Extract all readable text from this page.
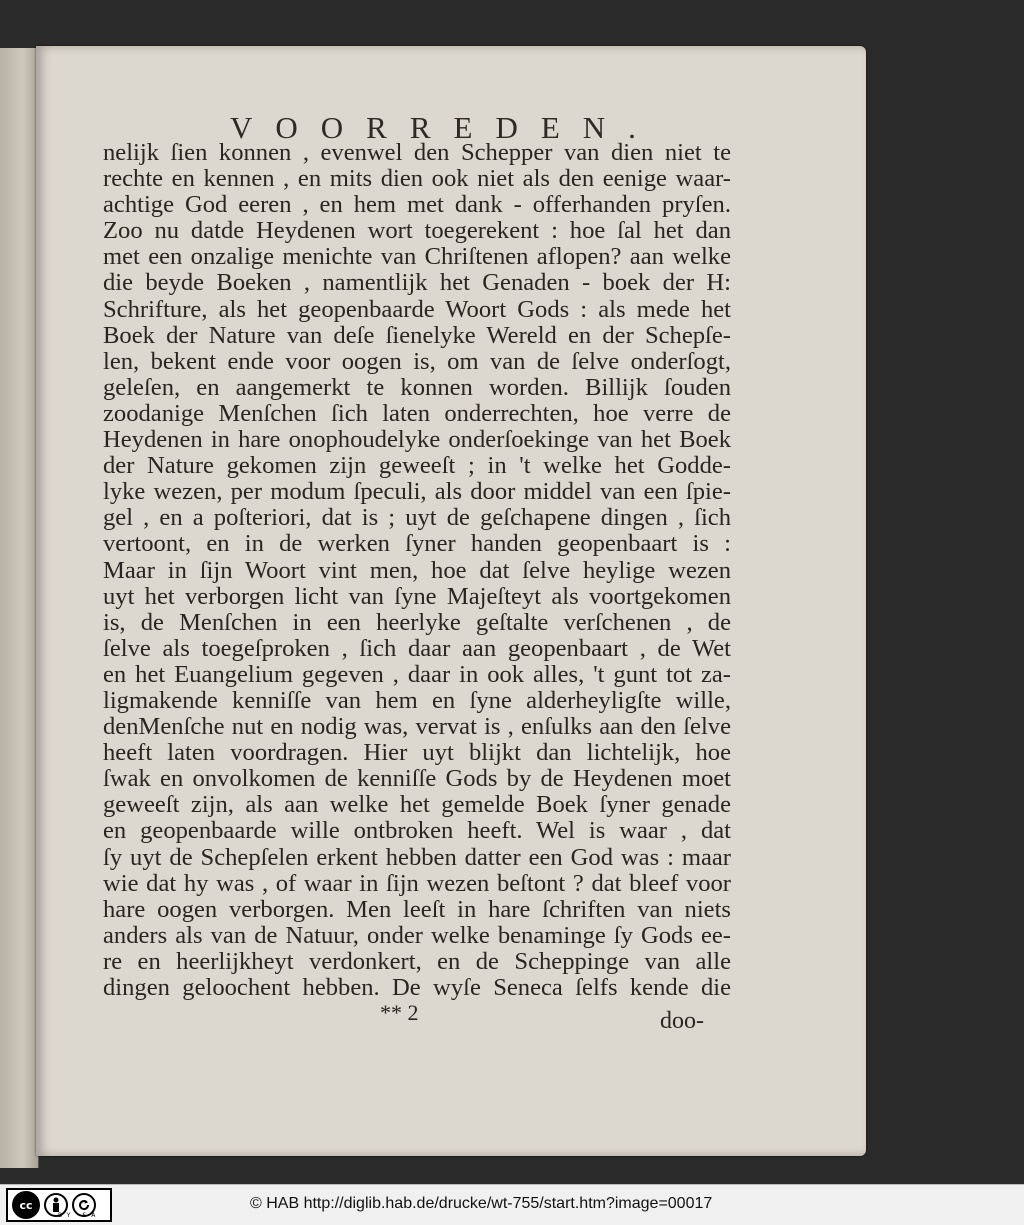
VOORREDEN.
nelijk ſien konnen , evenwel den Schepper van dien niet te
rechte en kennen , en mits dien ook niet als den eenige waar-
achtige God eeren , en hem met dank - offerhanden pryſen.
Zoo nu datde Heydenen wort toegerekent : hoe ſal het dan
met een onzalige menichte van Chriſtenen aflopen? aan welke
die beyde Boeken , namentlijk het Genaden - boek der H:
Schrifture, als het geopenbaarde Woort Gods : als mede het
Boek der Nature van deſe ſienelyke Wereld en der Schepſe-
len, bekent ende voor oogen is, om van de ſelve onderſogt,
geleſen, en aangemerkt te konnen worden. Billijk ſouden
zoodanige Menſchen ſich laten onderrechten, hoe verre de
Heydenen in hare onophoudelyke onderſoekinge van het Boek
der Nature gekomen zijn geweeſt ; in 't welke het Godde-
lyke wezen, per modum ſpeculi, als door middel van een ſpie-
gel , en a poſteriori, dat is ; uyt de geſchapene dingen , ſich
vertoont, en in de werken ſyner handen geopenbaart is :
Maar in ſijn Woort vint men, hoe dat ſelve heylige wezen
uyt het verborgen licht van ſyne Majeſteyt als voortgekomen
is, de Menſchen in een heerlyke geſtalte verſchenen , de
ſelve als toegeſproken , ſich daar aan geopenbaart , de Wet
en het Euangelium gegeven , daar in ook alles, 't gunt tot za-
ligmakende kenniſſe van hem en ſyne alderheyligſte wille,
denMenſche nut en nodig was, vervat is , enſulks aan den ſelve
heeft laten voordragen. Hier uyt blijkt dan lichtelijk, hoe
ſwak en onvolkomen de kenniſſe Gods by de Heydenen moet
geweeſt zijn, als aan welke het gemelde Boek ſyner genade
en geopenbaarde wille ontbroken heeft. Wel is waar , dat
ſy uyt de Schepſelen erkent hebben datter een God was : maar
wie dat hy was , of waar in ſijn wezen beſtont ? dat bleef voor
hare oogen verborgen. Men leeſt in hare ſchriften van niets
anders als van de Natuur, onder welke benaminge ſy Gods ee-
re en heerlijkheyt verdonkert, en de Scheppinge van alle
dingen geloochent hebben. De wyſe Seneca ſelfs kende die
** 2	doo-
cc
BY SA
© HAB http://diglib.hab.de/drucke/wt-755/start.htm?image=00017
